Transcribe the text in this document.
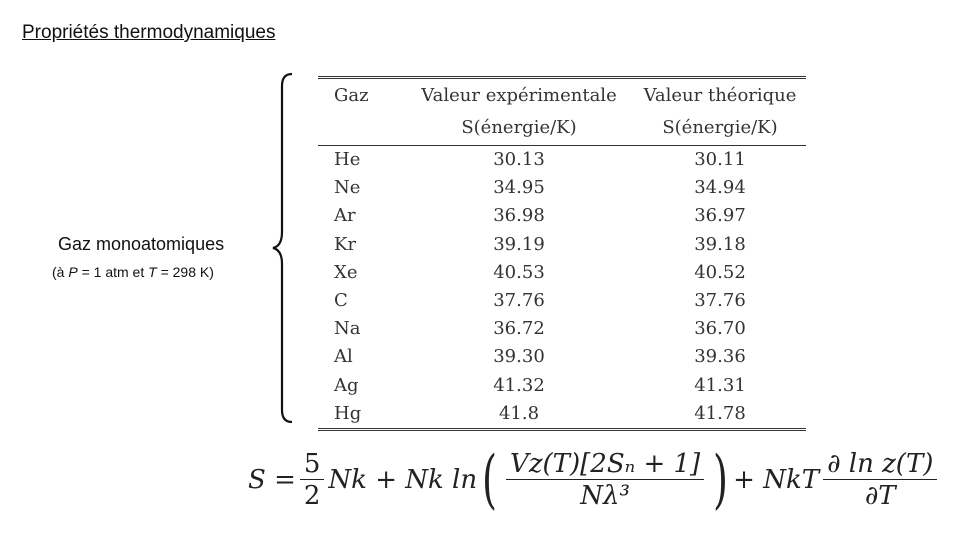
Propriétés thermodynamiques
Gaz monoatomiques
(à P = 1 atm et T = 298 K)
Gaz	Valeur expérimentale	Valeur théorique
	S(énergie/K)	S(énergie/K)
He	30.13	30.11
Ne	34.95	34.94
Ar	36.98	36.97
Kr	39.19	39.18
Xe	40.53	40.52
C	37.76	37.76
Na	36.72	36.70
Al	39.30	39.36
Ag	41.32	41.31
Hg	41.8	41.78
$S = \frac{5}{2}$ Nk + Nk ln ( $\frac{\text{Vz(T)[2Sₙ + 1]}}{\text{Nλ³}}$ ) + NkT $\frac{\text{∂ ln z(T)}}{\partial T}$
